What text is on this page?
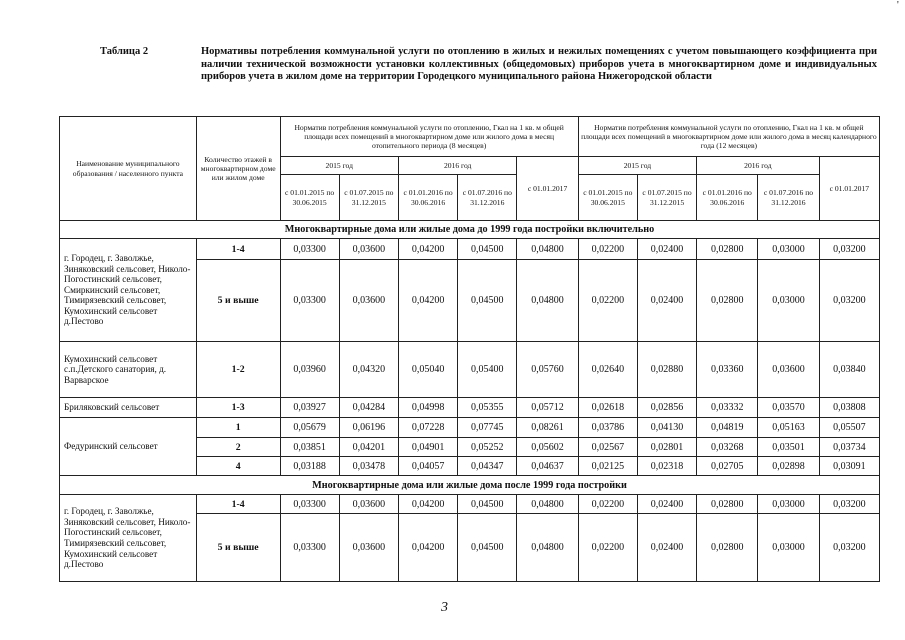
'
Таблица 2	Нормативы потребления коммунальной услуги по отоплению в жилых и нежилых помещениях с учетом повышающего коэффициента при наличии технической возможности установки коллективных (общедомовых) приборов учета в многоквартирном доме и индивидуальных приборов учета в жилом доме на территории Городецкого муниципального района Нижегородской области
Наименование муниципального образования / населенного пункта	Количество этажей в многоквартирном доме или жилом доме	Норматив потребления коммунальной услуги по отоплению, Гкал на 1 кв. м общей площади всех помещений в многоквартирном доме или жилого дома в месяц отопительного периода (8 месяцев)					Норматив потребления коммунальной услуги по отоплению, Гкал на 1 кв. м общей площади всех помещений в многоквартирном доме или жилого дома в месяц календарного года (12 месяцев)				
		2015 год		2016 год		с 01.01.2017	2015 год		2016 год		с 01.01.2017
		с 01.01.2015 по 30.06.2015	с 01.07.2015 по 31.12.2015	с 01.01.2016 по 30.06.2016	с 01.07.2016 по 31.12.2016		с 01.01.2015 по 30.06.2015	с 01.07.2015 по 31.12.2015	с 01.01.2016 по 30.06.2016	с 01.07.2016 по 31.12.2016	
Многоквартирные дома или жилые дома до 1999 года постройки включительно											
г. Городец, г. Заволжье, Зиняковский сельсовет, Николо-Погостинский сельсовет, Смиркинский сельсовет, Тимирязевский сельсовет, Кумохинский сельсовет д.Пестово	1-4	0,03300	0,03600	0,04200	0,04500	0,04800	0,02200	0,02400	0,02800	0,03000	0,03200
	5 и выше	0,03300	0,03600	0,04200	0,04500	0,04800	0,02200	0,02400	0,02800	0,03000	0,03200
Кумохинский сельсовет с.п.Детского санатория, д. Варварское	1-2	0,03960	0,04320	0,05040	0,05400	0,05760	0,02640	0,02880	0,03360	0,03600	0,03840
Бриляковский сельсовет	1-3	0,03927	0,04284	0,04998	0,05355	0,05712	0,02618	0,02856	0,03332	0,03570	0,03808
Федуринский сельсовет	1	0,05679	0,06196	0,07228	0,07745	0,08261	0,03786	0,04130	0,04819	0,05163	0,05507
	2	0,03851	0,04201	0,04901	0,05252	0,05602	0,02567	0,02801	0,03268	0,03501	0,03734
	4	0,03188	0,03478	0,04057	0,04347	0,04637	0,02125	0,02318	0,02705	0,02898	0,03091
Многоквартирные дома или жилые дома после 1999 года постройки											
г. Городец, г. Заволжье, Зиняковский сельсовет, Николо-Погостинский сельсовет, Тимирязевский сельсовет, Кумохинский сельсовет д.Пестово	1-4	0,03300	0,03600	0,04200	0,04500	0,04800	0,02200	0,02400	0,02800	0,03000	0,03200
	5 и выше	0,03300	0,03600	0,04200	0,04500	0,04800	0,02200	0,02400	0,02800	0,03000	0,03200
3
